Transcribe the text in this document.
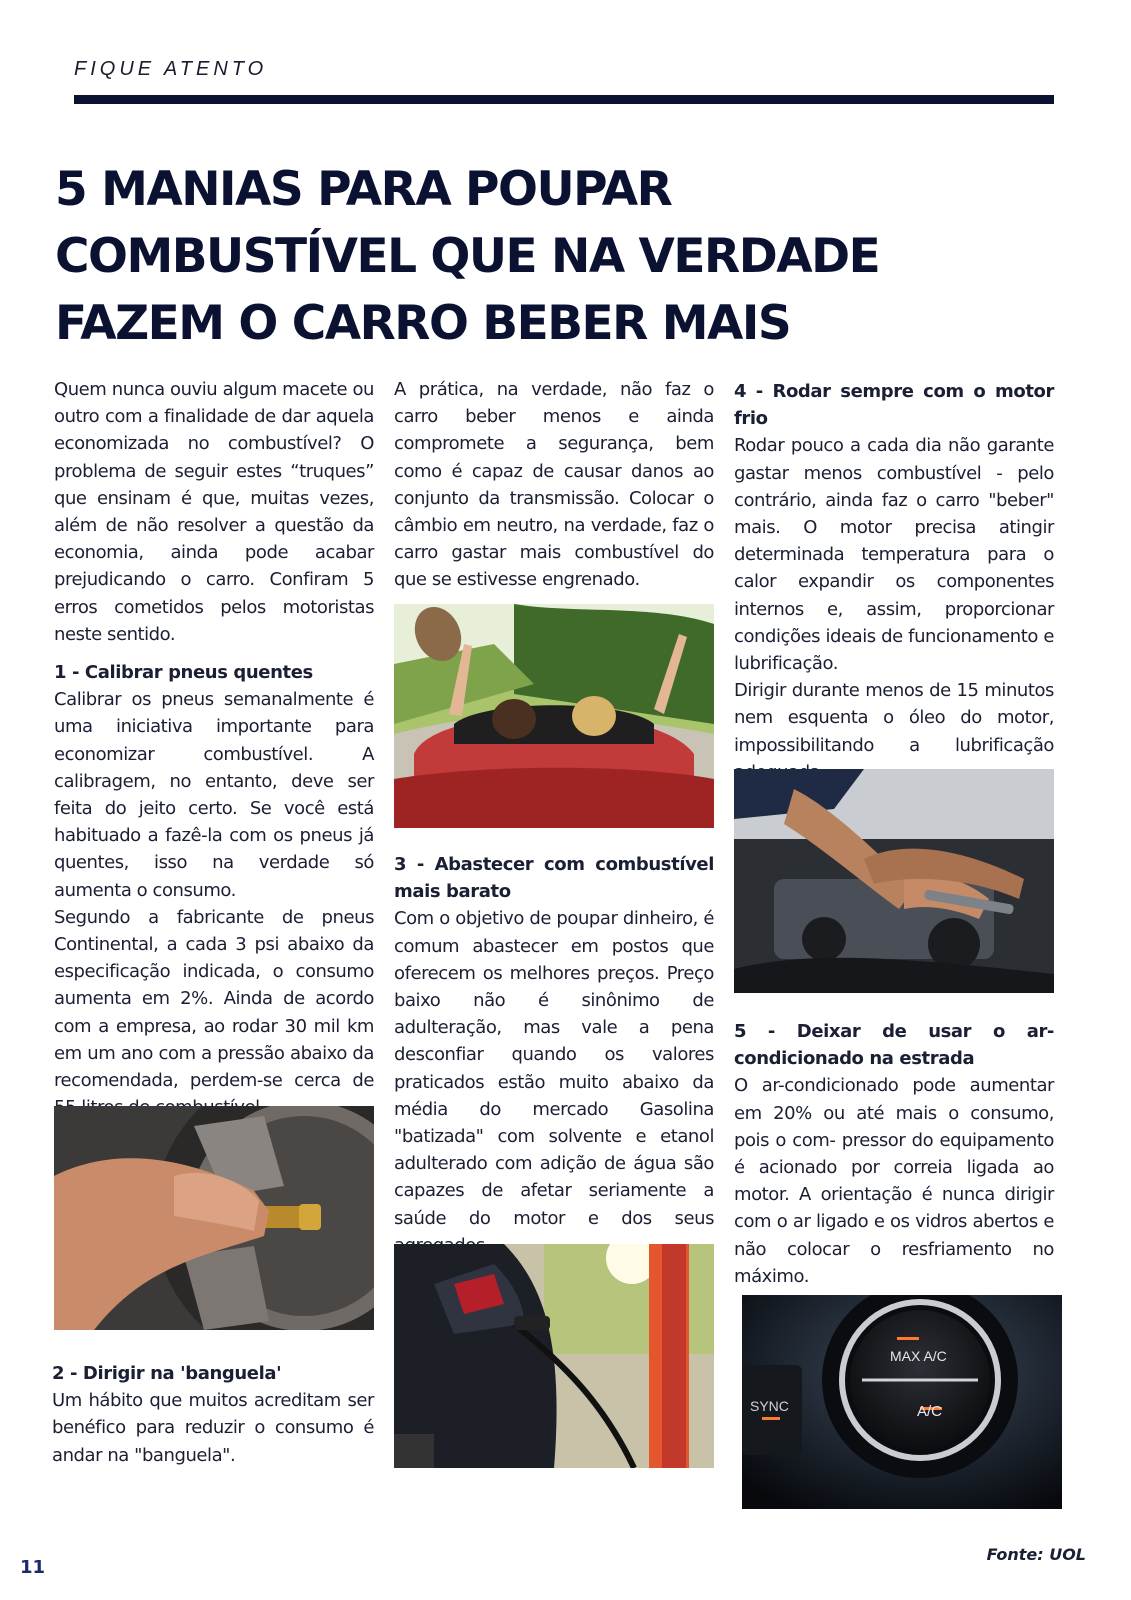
FIQUE ATENTO
5 MANIAS PARA POUPAR
COMBUSTÍVEL QUE NA VERDADE
FAZEM O CARRO BEBER MAIS

Quem nunca ouviu algum macete ou outro com a finalidade de dar aquela economizada no combustível? O problema de seguir estes “truques” que ensinam é que, muitas vezes, além de não resolver a questão da economia, ainda pode acabar prejudicando o carro. Confiram 5 erros cometidos pelos motoristas neste sentido.

1 - Calibrar pneus quentes

Calibrar os pneus semanalmente é uma iniciativa importante para economizar combustível. A calibragem, no entanto, deve ser feita do jeito certo. Se você está habituado a fazê-la com os pneus já quentes, isso na verdade só aumenta o consumo.

Segundo a fabricante de pneus Continental, a cada 3 psi abaixo da especificação indicada, o consumo aumenta em 2%. Ainda de acordo com a empresa, ao rodar 30 mil km em um ano com a pressão abaixo da recomendada, perdem-se cerca de

2 - Dirigir na 'banguela'

Um hábito que muitos acreditam ser benéfico para reduzir o consumo é andar na "banguela".

A prática, na verdade, não faz o carro beber menos e ainda compromete a segurança, bem como é capaz de causar danos ao conjunto da transmissão. Colocar o câmbio em neutro, na verdade, faz o carro gastar mais combustível do que se estivesse engrenado.

3 - Abastecer com combustível mais barato

Com o objetivo de poupar dinheiro, é comum abastecer em postos que oferecem os melhores preços. Preço baixo não é sinônimo de adulteração, mas vale a pena desconfiar quando os valores praticados estão muito abaixo da média do mercado Gasolina "batizada" com solvente e etanol adulterado com adição de água são capazes de afetar seriamente a saúde do motor e dos seus

4 - Rodar sempre com o motor frio

Rodar pouco a cada dia não garante gastar menos combustível - pelo contrário, ainda faz o carro "beber" mais. O motor precisa atingir determinada temperatura para o calor expandir os componentes internos e, assim, proporcionar condições ideais de funcionamento e lubrificação.

Dirigir durante menos de 15 minutos nem esquenta o óleo do motor, impossibilitando a lubrificação

5 - Deixar de usar o ar-condicionado na estrada

O ar-condicionado pode aumentar em 20% ou até mais o consumo, pois o com- pressor do equipamento é acionado por correia ligada ao motor. A orientação é nunca dirigir com o ar ligado e os vidros abertos e não colocar o resfriamento no máximo.

MAX A/C
A/C
SYNC
11
Fonte: UOL
